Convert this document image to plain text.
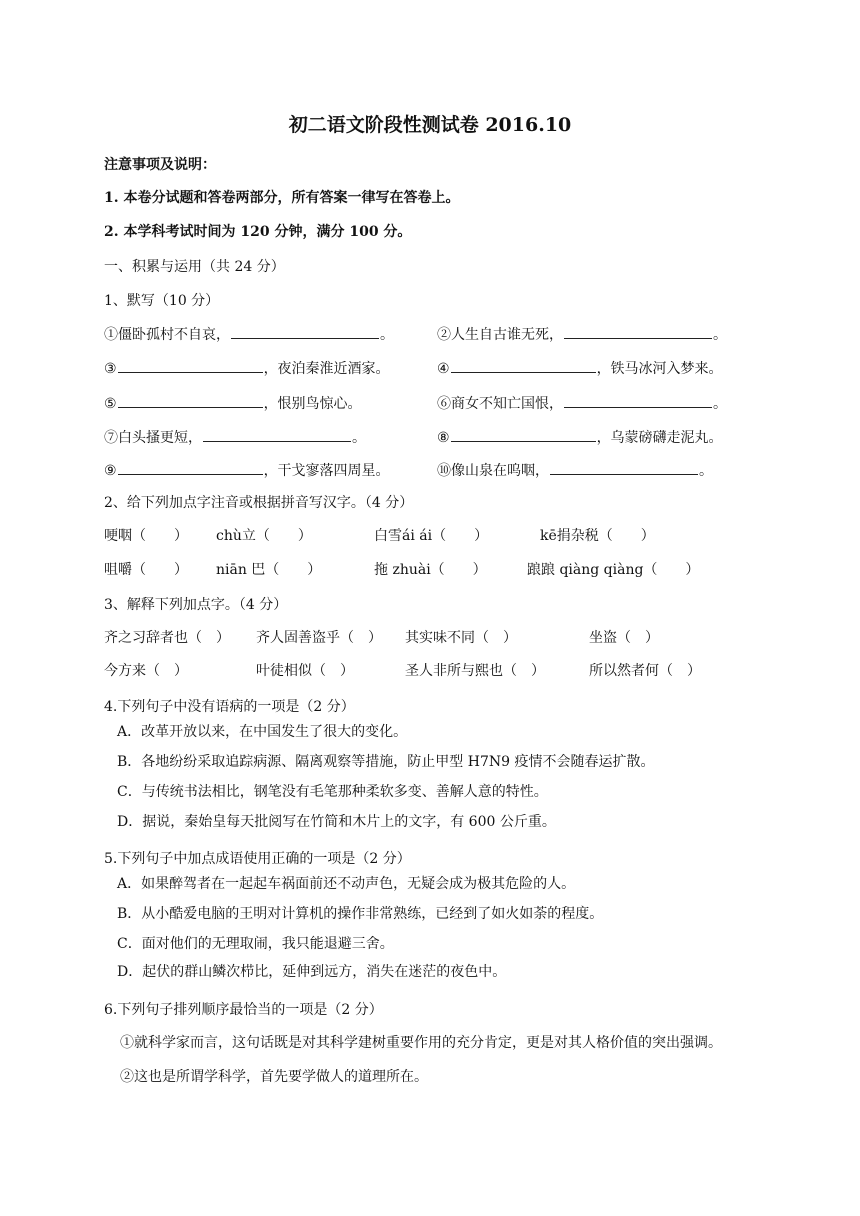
初二语文阶段性测试卷 2016.10
注意事项及说明：
1. 本卷分试题和答卷两部分，所有答案一律写在答卷上。
2. 本学科考试时间为 120 分钟，满分 100 分。
一、积累与运用（共 24 分）
1、默写（10 分）
①僵卧孤村不自哀，	。	②人生自古谁无死，	。
③	，夜泊秦淮近酒家。	④	，铁马冰河入梦来。
⑤	，恨别鸟惊心。	⑥商女不知亡国恨，	。
⑦白头搔更短，	。	⑧	，乌蒙磅礴走泥丸。
⑨	，干戈寥落四周星。	⑩像山泉在呜咽，	。
2、给下列加点字注音或根据拼音写汉字。（4 分）
哽咽（　　） chù立（　　）	白雪ái ái（　　）	kē捐杂税（　　）
咀嚼（　　） niān 巴（　　）	拖 zhuài（　　）	踉踉 qiàng qiàng（　　）
3、解释下列加点字。（4 分）
齐之习辞者也（　） 齐人固善盗乎（　） 其实味不同（　）	坐盗（　）
今方来（　）	叶徒相似（　）	圣人非所与熙也（　）	所以然者何（　）
4.下列句子中没有语病的一项是（2 分）
A．改革开放以来，在中国发生了很大的变化。
B．各地纷纷采取追踪病源、隔离观察等措施，防止甲型 H7N9 疫情不会随春运扩散。
C．与传统书法相比，钢笔没有毛笔那种柔软多变、善解人意的特性。
D．据说，秦始皇每天批阅写在竹简和木片上的文字，有 600 公斤重。
5.下列句子中加点成语使用正确的一项是（2 分）
A．如果醉驾者在一起起车祸面前还不动声色，无疑会成为极其危险的人。
B．从小酷爱电脑的王明对计算机的操作非常熟练，已经到了如火如荼的程度。
C．面对他们的无理取闹，我只能退避三舍。
D．起伏的群山鳞次栉比，延伸到远方，消失在迷茫的夜色中。
6.下列句子排列顺序最恰当的一项是（2 分）
①就科学家而言，这句话既是对其科学建树重要作用的充分肯定，更是对其人格价值的突出强调。
②这也是所谓学科学，首先要学做人的道理所在。
